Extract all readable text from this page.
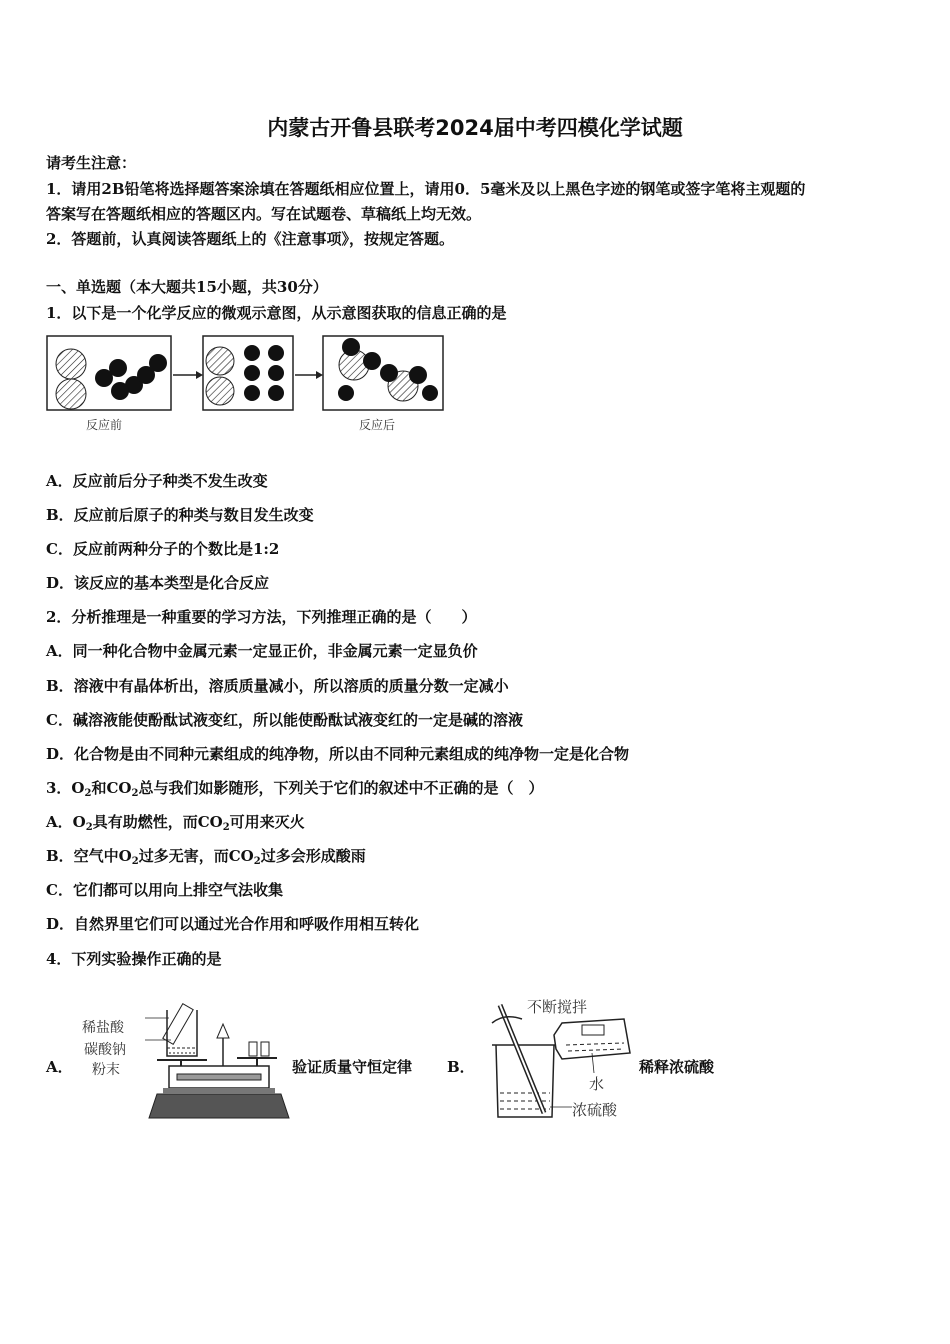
内蒙古开鲁县联考2024届中考四模化学试题
请考生注意：
1．请用2B铅笔将选择题答案涂填在答题纸相应位置上，请用0．5毫米及以上黑色字迹的钢笔或签字笔将主观题的
答案写在答题纸相应的答题区内。写在试题卷、草稿纸上均无效。
2．答题前，认真阅读答题纸上的《注意事项》，按规定答题。
一、单选题（本大题共15小题，共30分）
1．以下是一个化学反应的微观示意图，从示意图获取的信息正确的是
反应前	反应后
A．反应前后分子种类不发生改变
B．反应前后原子的种类与数目发生改变
C．反应前两种分子的个数比是1:2
D．该反应的基本类型是化合反应
2．分析推理是一种重要的学习方法，下列推理正确的是（　　）
A．同一种化合物中金属元素一定显正价，非金属元素一定显负价
B．溶液中有晶体析出，溶质质量减小，所以溶质的质量分数一定减小
C．碱溶液能使酚酞试液变红，所以能使酚酞试液变红的一定是碱的溶液
D．化合物是由不同种元素组成的纯净物，所以由不同种元素组成的纯净物一定是化合物
3．$O_2$和$CO_2$总与我们如影随形，下列关于它们的叙述中不正确的是（　）
A．$O_2$具有助燃性，而$CO_2$可用来灭火
B．空气中$O_2$过多无害，而$CO_2$过多会形成酸雨
C．它们都可以用向上排空气法收集
D．自然界里它们可以通过光合作用和呼吸作用相互转化
4．下列实验操作正确的是
A．
稀盐酸
碳酸钠
粉末	验证质量守恒定律 B．
不断搅拌
水
浓硫酸
稀释浓硫酸
